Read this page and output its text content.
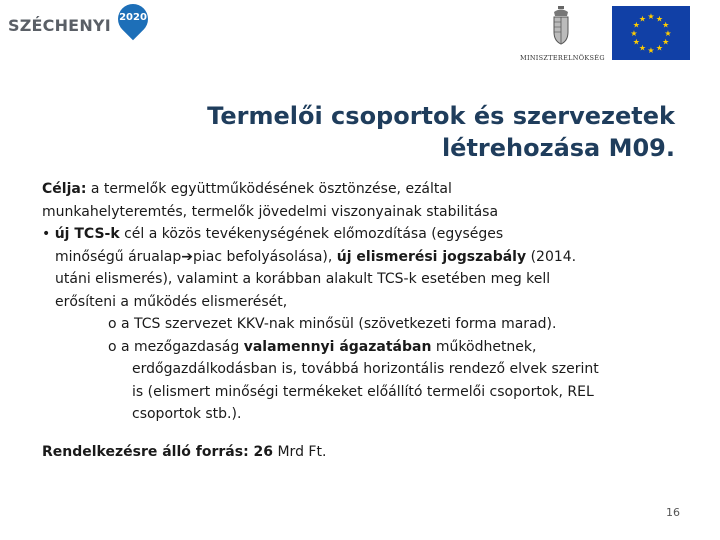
SZÉCHENYI 2020
MINISZTERELNÖKSÉG
★ ★
★
★
★
★
★
★
★
★
★
★
Termelői csoportok és szervezetek
létrehozása M09.

Célja: a termelők együttműködésének ösztönzése, ezáltal
munkahelyteremtés, termelők jövedelmi viszonyainak stabilitása

• új TCS-k cél a közös tevékenységének előmozdítása (egységes
minőségű árualap➔piac befolyásolása), új elismerési jogszabály (2014.
utáni elismerés), valamint a korábban alakult TCS-k esetében meg kell
erősíteni a működés elismerését,

o a TCS szervezet KKV-nak minősül (szövetkezeti forma marad).

o a mezőgazdaság valamennyi ágazatában működhetnek,

erdőgazdálkodásban is, továbbá horizontális rendező elvek szerint
is (elismert minőségi termékeket előállító termelői csoportok, REL
csoportok stb.).

Rendelkezésre álló forrás: 26 Mrd Ft.

16
